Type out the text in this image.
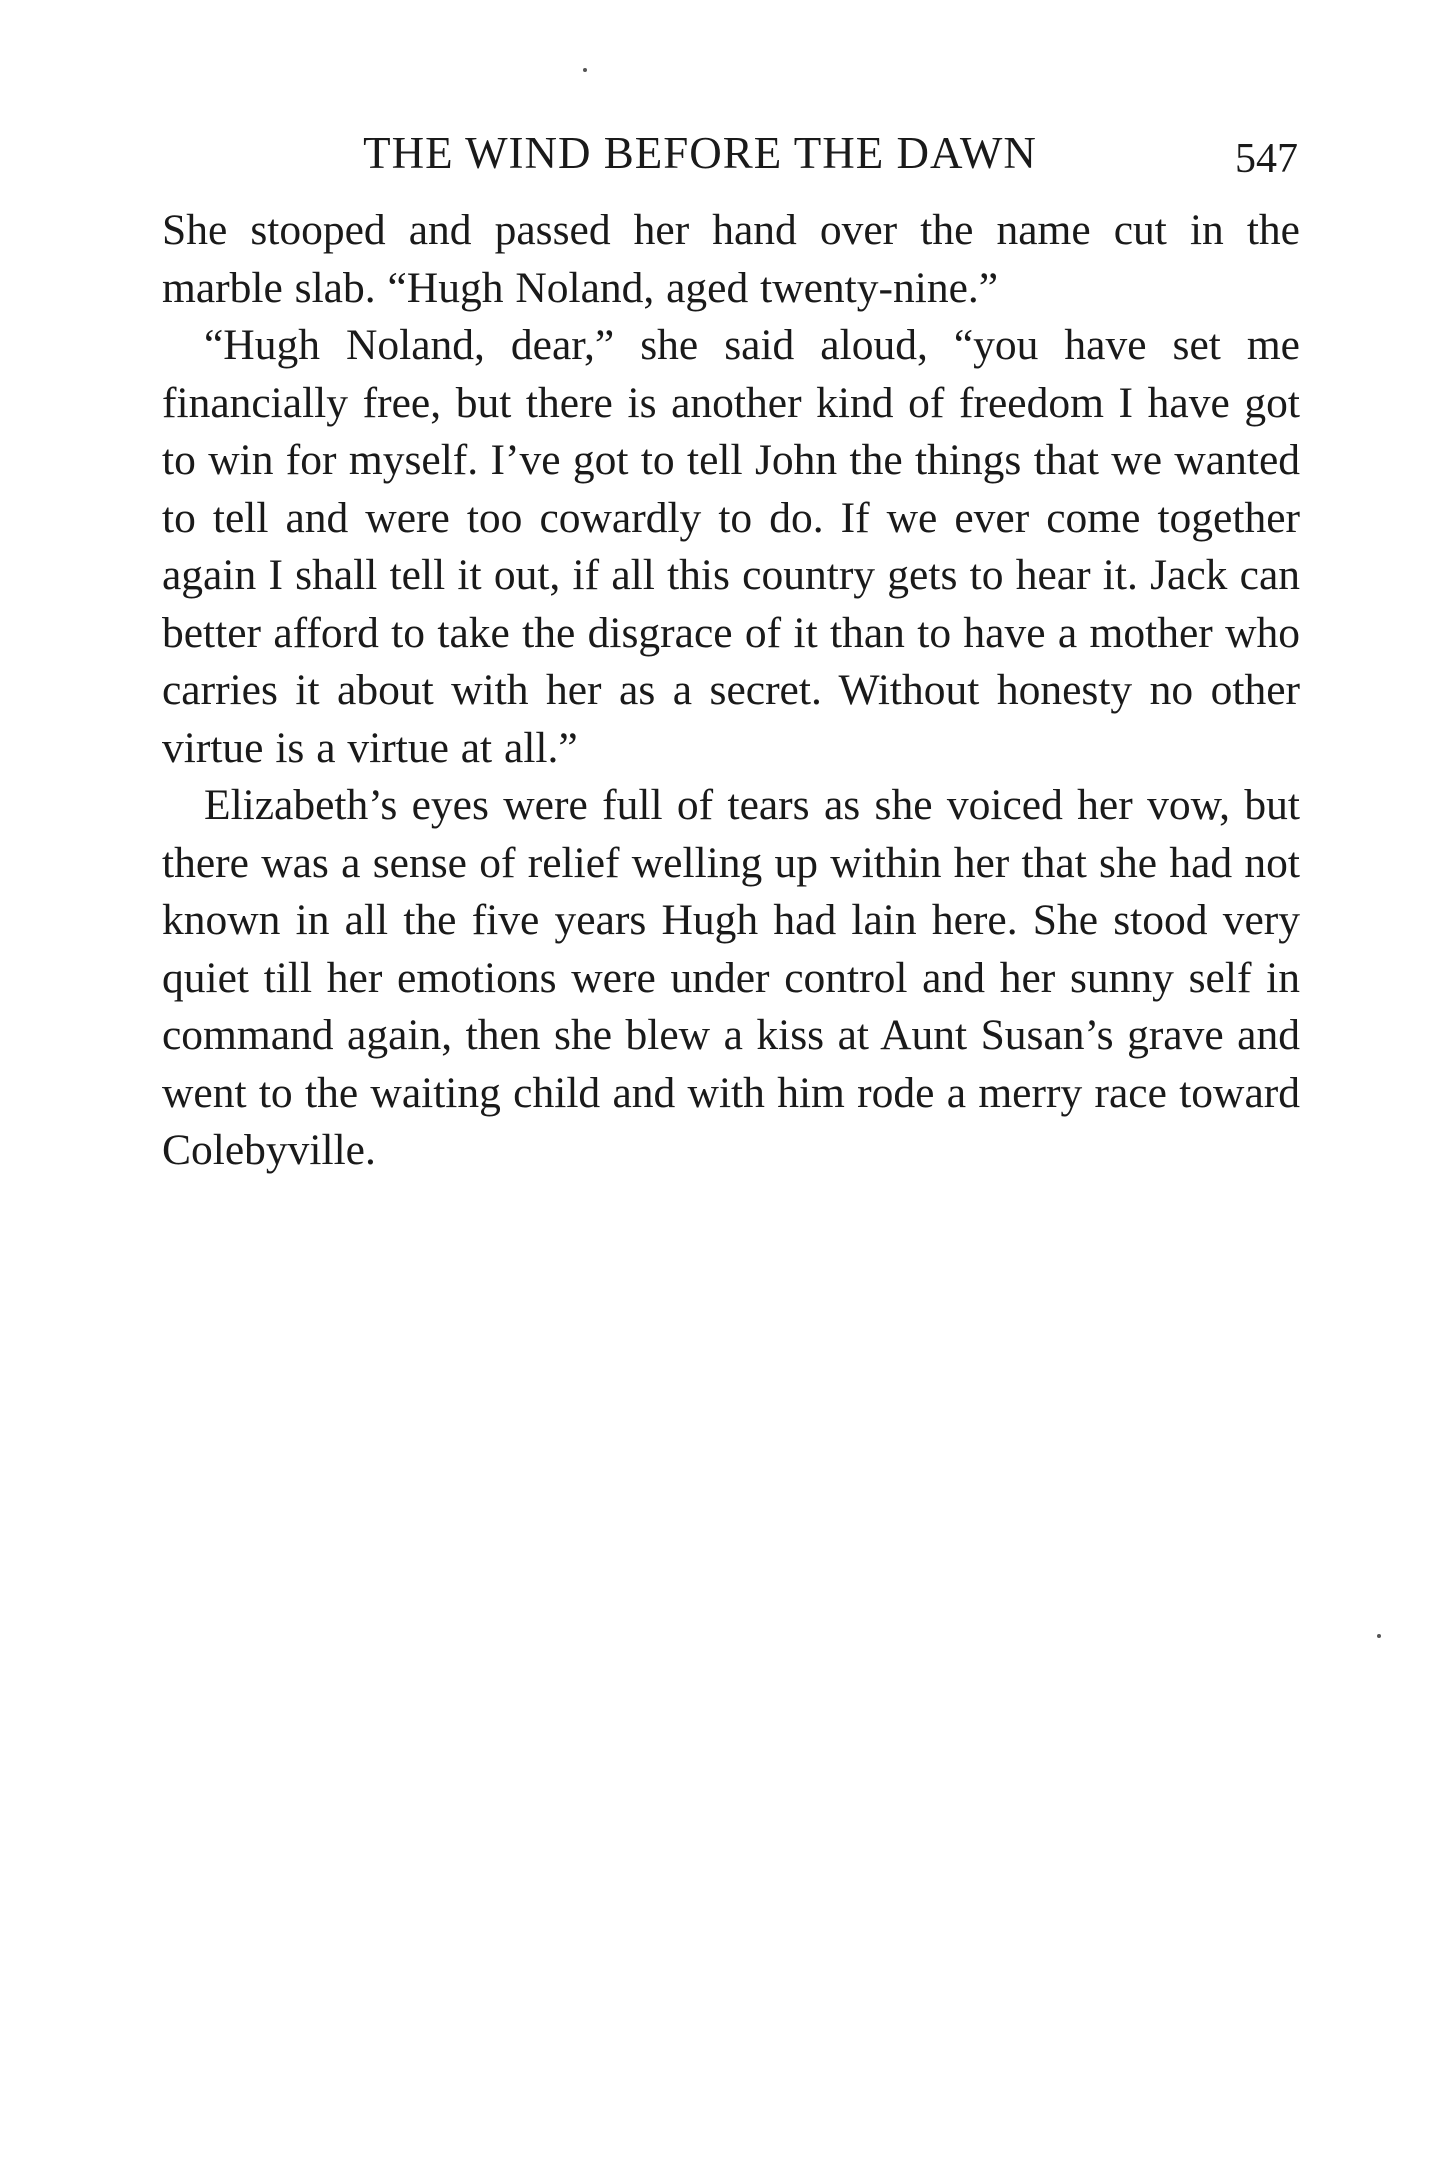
THE WIND BEFORE THE DAWN	547

She stooped and passed her hand over the name cut in the marble slab. “Hugh Noland, aged twenty-nine.”

“Hugh Noland, dear,” she said aloud, “you have set me financially free, but there is another kind of freedom I have got to win for myself. I’ve got to tell John the things that we wanted to tell and were too cowardly to do. If we ever come together again I shall tell it out, if all this country gets to hear it. Jack can better afford to take the disgrace of it than to have a mother who carries it about with her as a secret. Without honesty no other virtue is a virtue at all.”

Elizabeth’s eyes were full of tears as she voiced her vow, but there was a sense of relief welling up within her that she had not known in all the five years Hugh had lain here. She stood very quiet till her emotions were under control and her sunny self in command again, then she blew a kiss at Aunt Susan’s grave and went to the waiting child and with him rode a merry race toward Colebyville.
